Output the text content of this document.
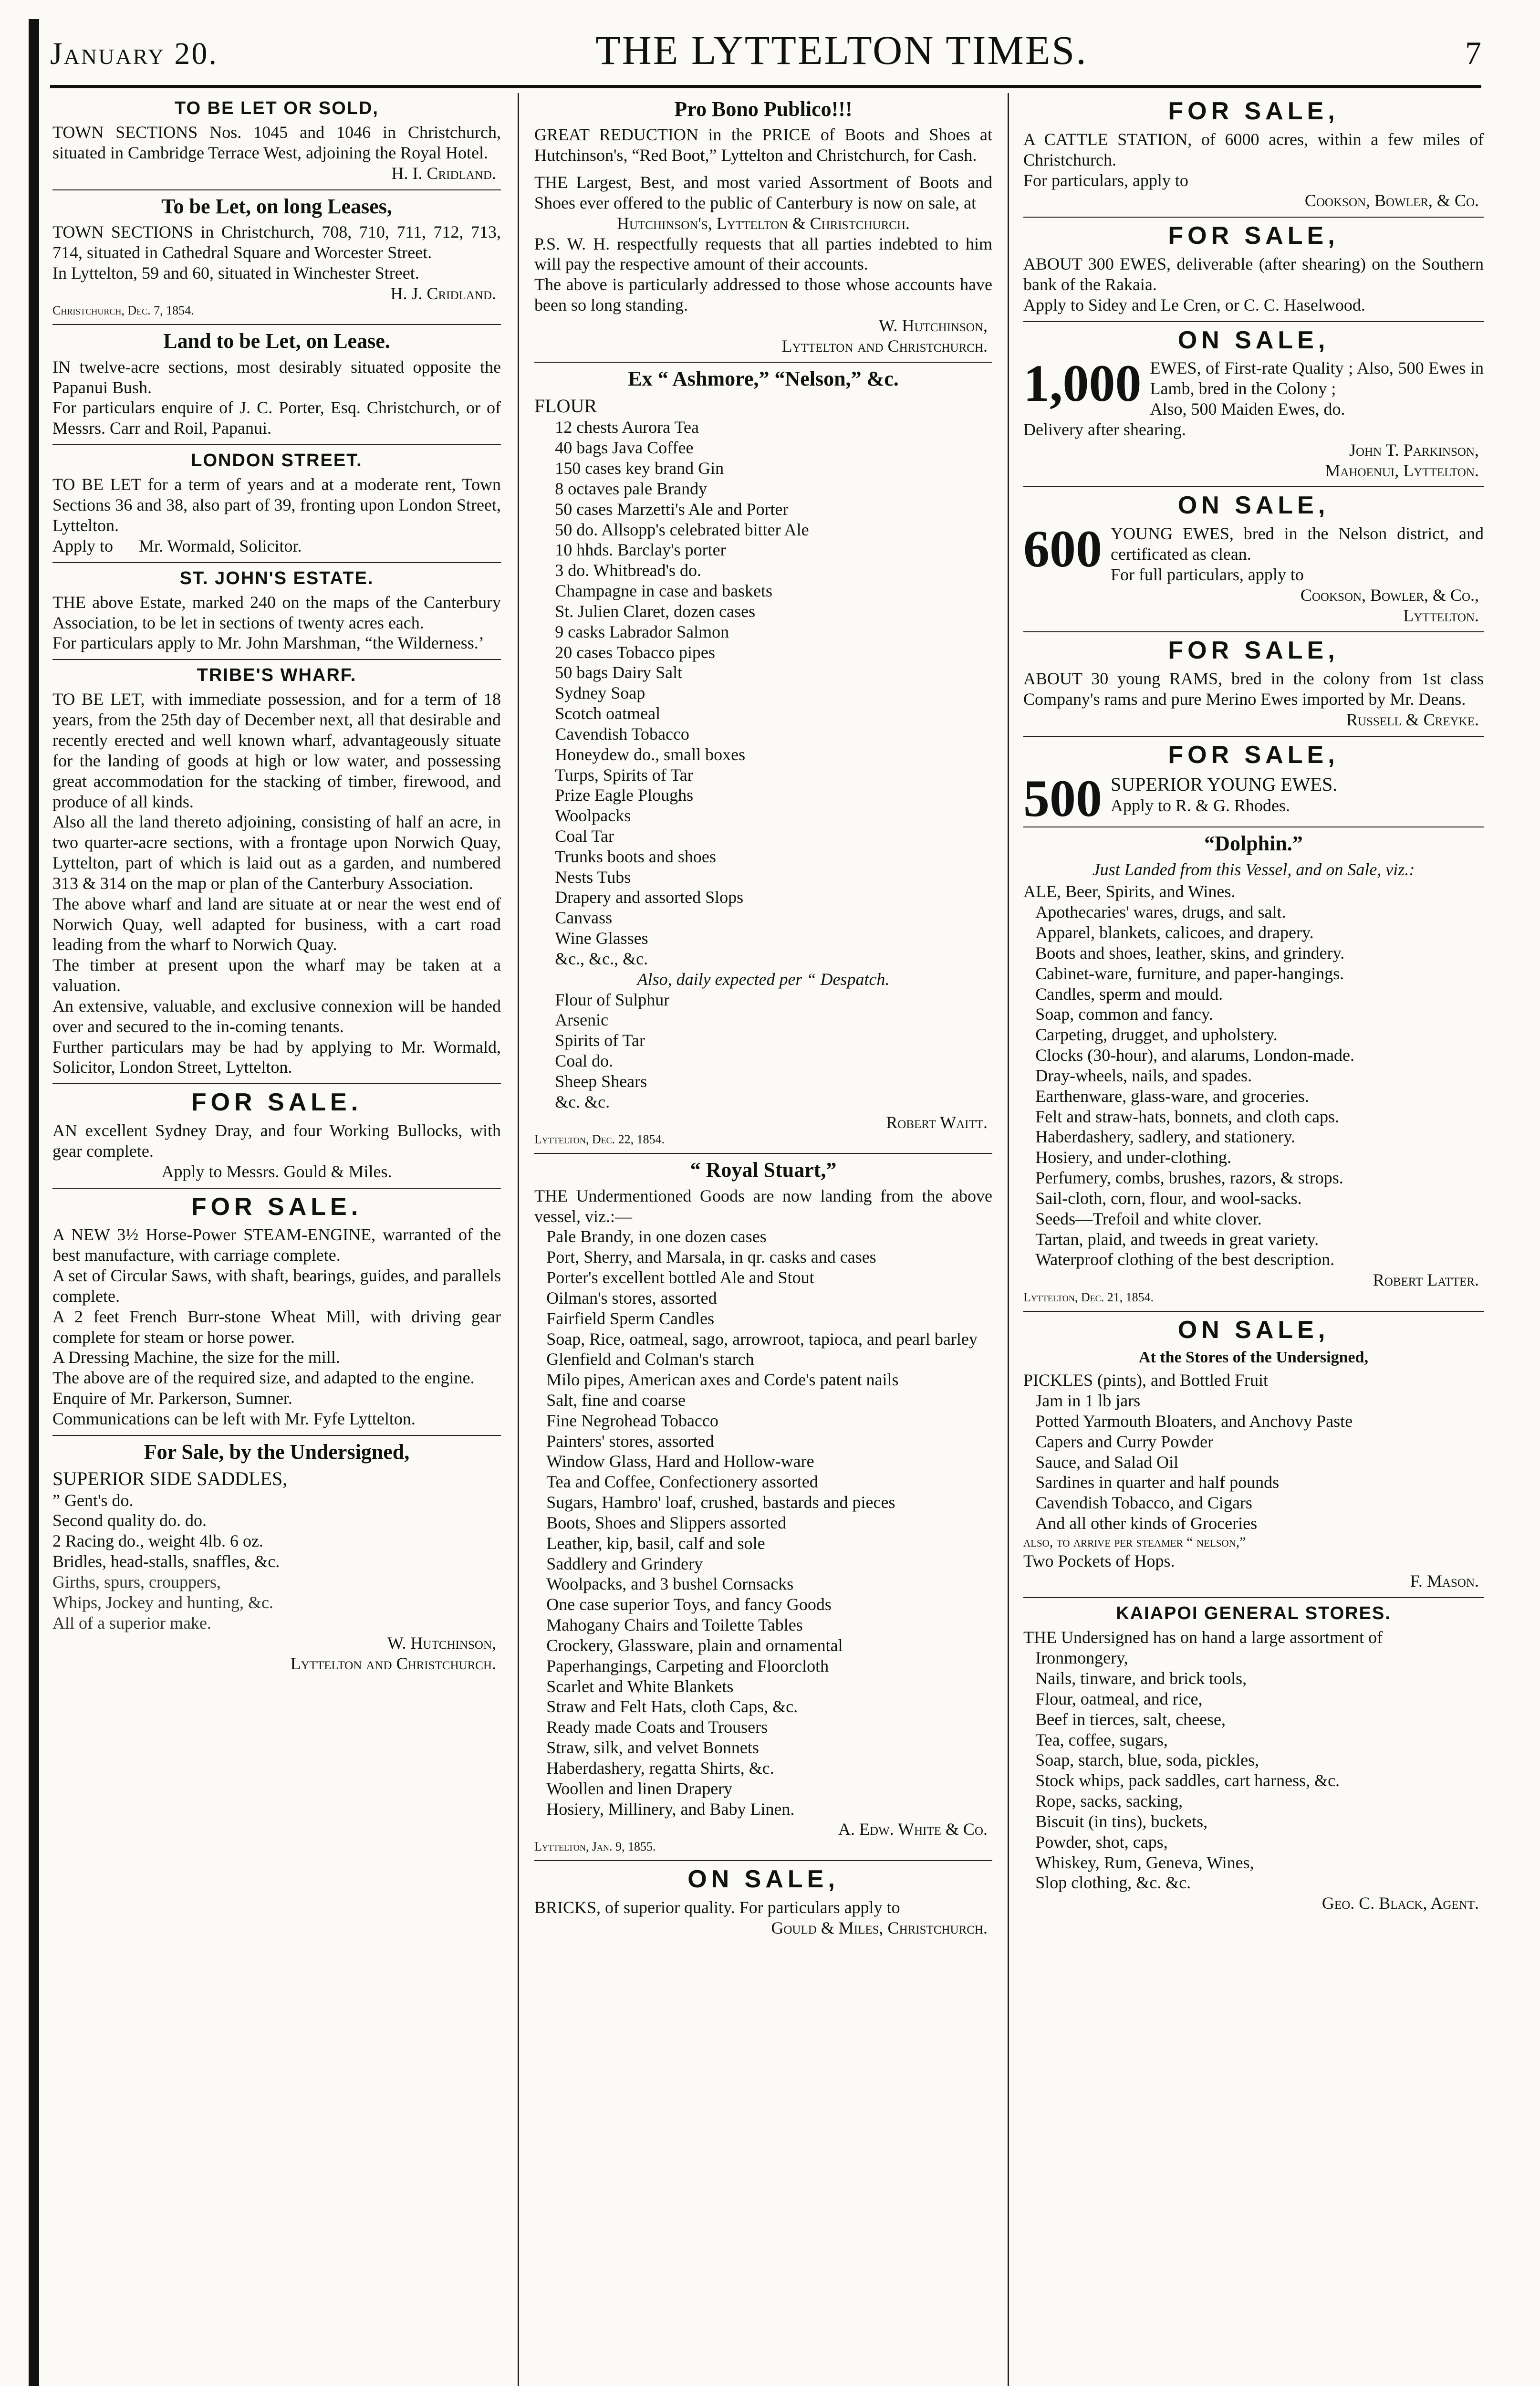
January 20.	THE LYTTELTON TIMES.	7
TO BE LET OR SOLD,

TOWN SECTIONS Nos. 1045 and 1046 in Christchurch, situated in Cambridge Terrace West, adjoining the Royal Hotel.

H. I. Cridland.

To be Let, on long Leases,

TOWN SECTIONS in Christchurch, 708, 710, 711, 712, 713, 714, situated in Cathedral Square and Worcester Street.

In Lyttelton, 59 and 60, situated in Winchester Street.

H. J. Cridland.

Christchurch, Dec. 7, 1854.

Land to be Let, on Lease.

IN twelve-acre sections, most desirably situated opposite the Papanui Bush.

For particulars enquire of J. C. Porter, Esq. Christchurch, or of Messrs. Carr and Roil, Papanui.

LONDON STREET.

TO BE LET for a term of years and at a moderate rent, Town Sections 36 and 38, also part of 39, fronting upon London Street, Lyttelton.

Apply to Mr. Wormald, Solicitor.

ST. JOHN'S ESTATE.

THE above Estate, marked 240 on the maps of the Canterbury Association, to be let in sections of twenty acres each.

For particulars apply to Mr. John Marshman, “the Wilderness.’

TRIBE'S WHARF.

TO BE LET, with immediate possession, and for a term of 18 years, from the 25th day of December next, all that desirable and recently erected and well known wharf, advantageously situate for the landing of goods at high or low water, and possessing great accommodation for the stacking of timber, firewood, and produce of all kinds.

Also all the land thereto adjoining, consisting of half an acre, in two quarter-acre sections, with a frontage upon Norwich Quay, Lyttelton, part of which is laid out as a garden, and numbered 313 & 314 on the map or plan of the Canterbury Association.

The above wharf and land are situate at or near the west end of Norwich Quay, well adapted for business, with a cart road leading from the wharf to Norwich Quay.

The timber at present upon the wharf may be taken at a valuation.

An extensive, valuable, and exclusive connexion will be handed over and secured to the in-coming tenants.

Further particulars may be had by applying to Mr. Wormald, Solicitor, London Street, Lyttelton.

FOR SALE.

AN excellent Sydney Dray, and four Working Bullocks, with gear complete.

Apply to Messrs. Gould & Miles.

FOR SALE.

A NEW 3½ Horse-Power STEAM-ENGINE, warranted of the best manufacture, with carriage complete.

A set of Circular Saws, with shaft, bearings, guides, and parallels complete.

A 2 feet French Burr-stone Wheat Mill, with driving gear complete for steam or horse power.

A Dressing Machine, the size for the mill.

The above are of the required size, and adapted to the engine.

Enquire of Mr. Parkerson, Sumner.

Communications can be left with Mr. Fyfe Lyttelton.

For Sale, by the Undersigned,

SUPERIOR SIDE SADDLES,

” Gent's do.

Second quality do. do.

2 Racing do., weight 4lb. 6 oz.

Bridles, head-stalls, snaffles, &c.

Girths, spurs, crouppers,

Whips, Jockey and hunting, &c.

All of a superior make.

W. Hutchinson,

Lyttelton and Christchurch.

Pro Bono Publico!!!

GREAT REDUCTION in the PRICE of Boots and Shoes at Hutchinson's, “Red Boot,” Lyttelton and Christchurch, for Cash.

THE Largest, Best, and most varied Assortment of Boots and Shoes ever offered to the public of Canterbury is now on sale, at

Hutchinson's, Lyttelton & Christchurch.

P.S. W. H. respectfully requests that all parties indebted to him will pay the respective amount of their accounts.

The above is particularly addressed to those whose accounts have been so long standing.

W. Hutchinson,

Lyttelton and Christchurch.

Ex “ Ashmore,” “Nelson,” &c.

FLOUR

12 chests Aurora Tea
40 bags Java Coffee
150 cases key brand Gin
8 octaves pale Brandy
50 cases Marzetti's Ale and Porter
50 do. Allsopp's celebrated bitter Ale
10 hhds. Barclay's porter
3 do. Whitbread's do.
Champagne in case and baskets
St. Julien Claret, dozen cases
9 casks Labrador Salmon
20 cases Tobacco pipes
50 bags Dairy Salt
Sydney Soap
Scotch oatmeal
Cavendish Tobacco
Honeydew do., small boxes
Turps, Spirits of Tar
Prize Eagle Ploughs
Woolpacks
Coal Tar
Trunks boots and shoes
Nests Tubs
Drapery and assorted Slops
Canvass
Wine Glasses
&c., &c., &c.

Also, daily expected per “ Despatch.

Flour of Sulphur
Arsenic
Spirits of Tar
Coal do.
Sheep Shears
&c. &c.

Robert Waitt.

Lyttelton, Dec. 22, 1854.

“ Royal Stuart,”

THE Undermentioned Goods are now landing from the above vessel, viz.:—

Pale Brandy, in one dozen cases
Port, Sherry, and Marsala, in qr. casks and cases
Porter's excellent bottled Ale and Stout
Oilman's stores, assorted
Fairfield Sperm Candles
Soap, Rice, oatmeal, sago, arrowroot, tapioca, and pearl barley
Glenfield and Colman's starch
Milo pipes, American axes and Corde's patent nails
Salt, fine and coarse
Fine Negrohead Tobacco
Painters' stores, assorted
Window Glass, Hard and Hollow-ware
Tea and Coffee, Confectionery assorted
Sugars, Hambro' loaf, crushed, bastards and pieces
Boots, Shoes and Slippers assorted
Leather, kip, basil, calf and sole
Saddlery and Grindery
Woolpacks, and 3 bushel Cornsacks
One case superior Toys, and fancy Goods
Mahogany Chairs and Toilette Tables
Crockery, Glassware, plain and ornamental
Paperhangings, Carpeting and Floorcloth
Scarlet and White Blankets
Straw and Felt Hats, cloth Caps, &c.
Ready made Coats and Trousers
Straw, silk, and velvet Bonnets
Haberdashery, regatta Shirts, &c.
Woollen and linen Drapery
Hosiery, Millinery, and Baby Linen.

A. Edw. White & Co.

Lyttelton, Jan. 9, 1855.

ON SALE,

BRICKS, of superior quality. For particulars apply to

Gould & Miles, Christchurch.

FOR SALE,

A CATTLE STATION, of 6000 acres, within a few miles of Christchurch.

For particulars, apply to

Cookson, Bowler, & Co.

FOR SALE,

ABOUT 300 EWES, deliverable (after shearing) on the Southern bank of the Rakaia.

Apply to Sidey and Le Cren, or C. C. Haselwood.

ON SALE,
1,000 EWES, of First-rate Quality ; Also, 500 Ewes in Lamb, bred in the Colony ;

Also, 500 Maiden Ewes, do.

Delivery after shearing.

John T. Parkinson,

Mahoenui, Lyttelton.

ON SALE,
600 YOUNG EWES, bred in the Nelson district, and certificated as clean.

For full particulars, apply to

Cookson, Bowler, & Co.,

Lyttelton.

FOR SALE,

ABOUT 30 young RAMS, bred in the colony from 1st class Company's rams and pure Merino Ewes imported by Mr. Deans.

Russell & Creyke.

FOR SALE,
500 SUPERIOR YOUNG EWES.

Apply to R. & G. Rhodes.

“Dolphin.”

Just Landed from this Vessel, and on Sale, viz.:

ALE, Beer, Spirits, and Wines.

Apothecaries' wares, drugs, and salt.
Apparel, blankets, calicoes, and drapery.
Boots and shoes, leather, skins, and grindery.
Cabinet-ware, furniture, and paper-hangings.
Candles, sperm and mould.
Soap, common and fancy.
Carpeting, drugget, and upholstery.
Clocks (30-hour), and alarums, London-made.
Dray-wheels, nails, and spades.
Earthenware, glass-ware, and groceries.
Felt and straw-hats, bonnets, and cloth caps.
Haberdashery, sadlery, and stationery.
Hosiery, and under-clothing.
Perfumery, combs, brushes, razors, & strops.
Sail-cloth, corn, flour, and wool-sacks.
Seeds—Trefoil and white clover.
Tartan, plaid, and tweeds in great variety.
Waterproof clothing of the best description.

Robert Latter.

Lyttelton, Dec. 21, 1854.

ON SALE,

At the Stores of the Undersigned,

PICKLES (pints), and Bottled Fruit

Jam in 1 lb jars
Potted Yarmouth Bloaters, and Anchovy Paste
Capers and Curry Powder
Sauce, and Salad Oil
Sardines in quarter and half pounds
Cavendish Tobacco, and Cigars
And all other kinds of Groceries

also, to arrive per steamer “ nelson,”

Two Pockets of Hops.

F. Mason.

KAIAPOI GENERAL STORES.

THE Undersigned has on hand a large assortment of

Ironmongery,
Nails, tinware, and brick tools,
Flour, oatmeal, and rice,
Beef in tierces, salt, cheese,
Tea, coffee, sugars,
Soap, starch, blue, soda, pickles,
Stock whips, pack saddles, cart harness, &c.
Rope, sacks, sacking,
Biscuit (in tins), buckets,
Powder, shot, caps,
Whiskey, Rum, Geneva, Wines,
Slop clothing, &c. &c.

Geo. C. Black, Agent.
